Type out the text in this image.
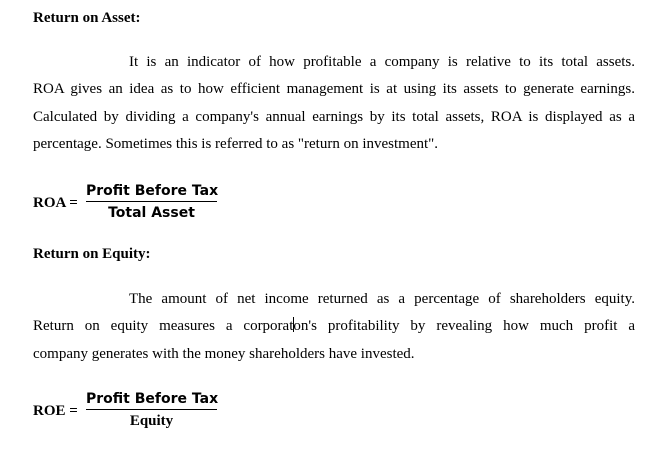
Return on Asset:
It is an indicator of how profitable a company is relative to its total assets.
ROA gives an idea as to how efficient management is at using its assets to generate earnings.
Calculated by dividing a company's annual earnings by its total assets, ROA is displayed as a
percentage. Sometimes this is referred to as "return on investment".
ROA =
Profit Before Tax
Total Asset
Return on Equity:
The amount of net income returned as a percentage of shareholders equity.
Return on equity measures a corporaton's profitability by revealing how much profit a
company generates with the money shareholders have invested.
ROE =
Profit Before Tax
Equity
